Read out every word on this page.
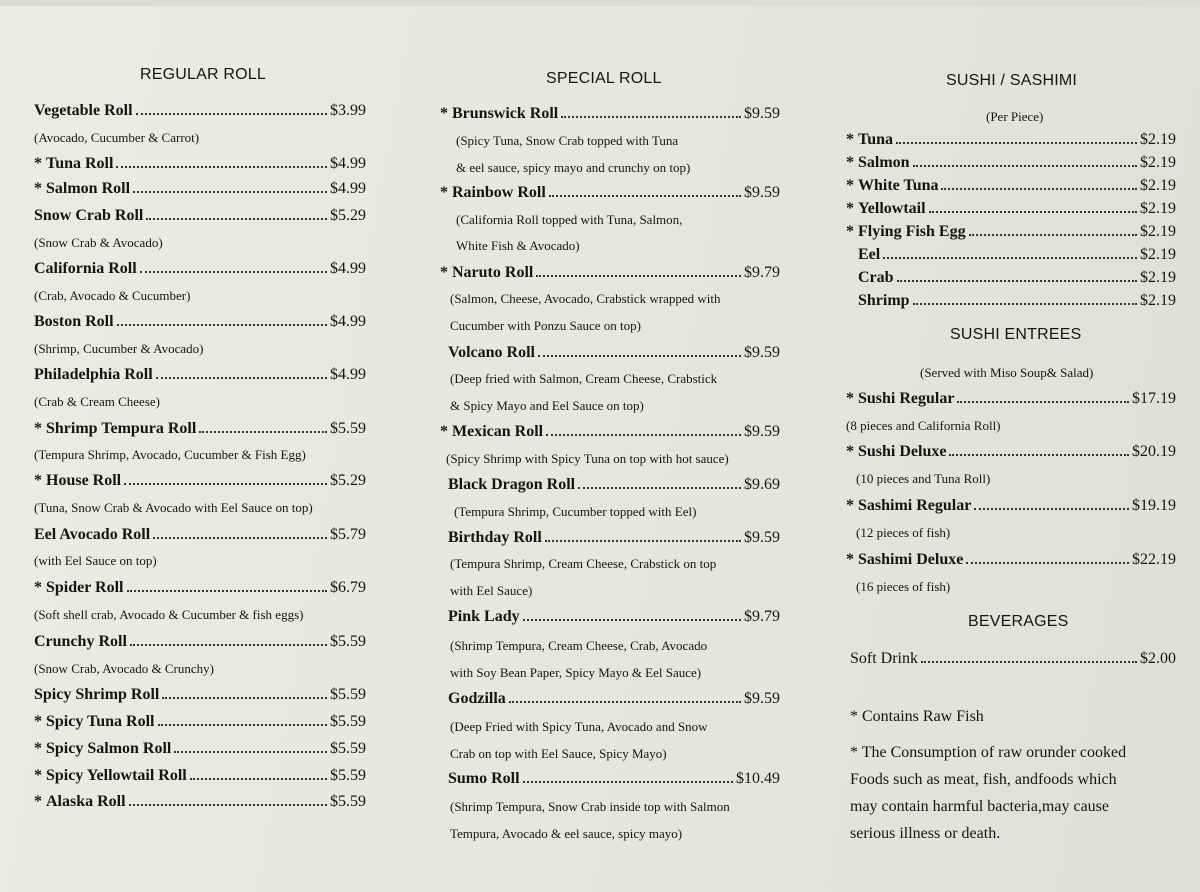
REGULAR ROLL
Vegetable Roll	$3.99
(Avocado, Cucumber & Carrot)
* Tuna Roll	$4.99
* Salmon Roll	$4.99
Snow Crab Roll	$5.29
(Snow Crab & Avocado)
California Roll	$4.99
(Crab, Avocado & Cucumber)
Boston Roll	$4.99
(Shrimp, Cucumber & Avocado)
Philadelphia Roll	$4.99
(Crab & Cream Cheese)
* Shrimp Tempura Roll	$5.59
(Tempura Shrimp, Avocado, Cucumber & Fish Egg)
* House Roll	$5.29
(Tuna, Snow Crab & Avocado with Eel Sauce on top)
Eel Avocado Roll	$5.79
(with Eel Sauce on top)
* Spider Roll	$6.79
(Soft shell crab, Avocado & Cucumber & fish eggs)
Crunchy Roll	$5.59
(Snow Crab, Avocado & Crunchy)
Spicy Shrimp Roll	$5.59
* Spicy Tuna Roll	$5.59
* Spicy Salmon Roll	$5.59
* Spicy Yellowtail Roll	$5.59
* Alaska Roll	$5.59
SPECIAL ROLL
* Brunswick Roll	$9.59
(Spicy Tuna, Snow Crab topped with Tuna
& eel sauce, spicy mayo and crunchy on top)
* Rainbow Roll	$9.59
(California Roll topped with Tuna, Salmon,
White Fish & Avocado)
* Naruto Roll	$9.79
(Salmon, Cheese, Avocado, Crabstick wrapped with
Cucumber with Ponzu Sauce on top)
Volcano Roll	$9.59
(Deep fried with Salmon, Cream Cheese, Crabstick
& Spicy Mayo and Eel Sauce on top)
* Mexican Roll	$9.59
(Spicy Shrimp with Spicy Tuna on top with hot sauce)
Black Dragon Roll	$9.69
(Tempura Shrimp, Cucumber topped with Eel)
Birthday Roll	$9.59
(Tempura Shrimp, Cream Cheese, Crabstick on top
with Eel Sauce)
Pink Lady	$9.79
(Shrimp Tempura, Cream Cheese, Crab, Avocado
with Soy Bean Paper, Spicy Mayo & Eel Sauce)
Godzilla	$9.59
(Deep Fried with Spicy Tuna, Avocado and Snow
Crab on top with Eel Sauce, Spicy Mayo)
Sumo Roll	$10.49
(Shrimp Tempura, Snow Crab inside top with Salmon
Tempura, Avocado & eel sauce, spicy mayo)
SUSHI / SASHIMI
(Per Piece)
* Tuna	$2.19
* Salmon	$2.19
* White Tuna	$2.19
* Yellowtail	$2.19
* Flying Fish Egg	$2.19
Eel	$2.19
Crab	$2.19
Shrimp	$2.19
SUSHI ENTREES
(Served with Miso Soup& Salad)
* Sushi Regular	$17.19
(8 pieces and California Roll)
* Sushi Deluxe	$20.19
(10 pieces and Tuna Roll)
* Sashimi Regular	$19.19
(12 pieces of fish)
* Sashimi Deluxe	$22.19
(16 pieces of fish)
BEVERAGES
Soft Drink	$2.00
* Contains Raw Fish
* The Consumption of raw orunder cooked
Foods such as meat, fish, andfoods which
may contain harmful bacteria,may cause
serious illness or death.
